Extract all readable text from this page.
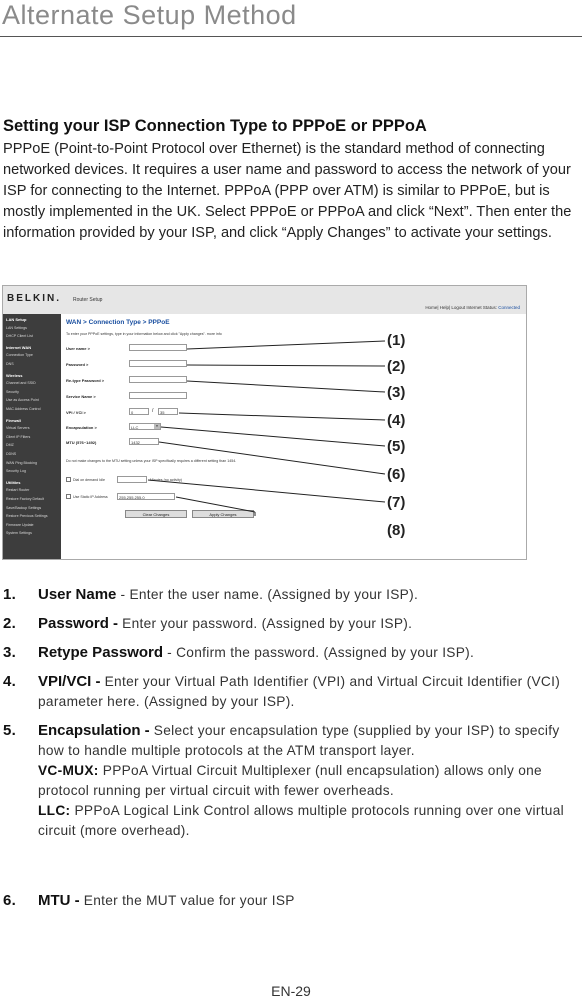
Alternate Setup Method
Setting your ISP Connection Type to PPPoE or PPPoA
PPPoE (Point-to-Point Protocol over Ethernet) is the standard method of connecting networked devices. It requires a user name and password to access the network of your ISP for connecting to the Internet. PPPoA (PPP over ATM) is similar to PPPoE, but is mostly implemented in the UK. Select PPPoE or PPPoA and click “Next”. Then enter the information provided by your ISP, and click “Apply Changes” to activate your settings.
BELKIN. Router Setup
Home| Help| Logout Internet Status: Connected
LAN Setup
LAN Settings
DHCP Client List
Internet WAN
Connection Type
DNS
Wireless
Channel and SSID
Security
Use as Access Point
MAC Address Control
Firewall
Virtual Servers
Client IP Filters
DMZ
DDNS
WAN Ping Blocking
Security Log
Utilities
Restart Router
Restore Factory Default
Save/Backup Settings
Restore Previous Settings
Firmware Update
System Settings
WAN > Connection Type > PPPoE
To enter your PPPoE settings, type in your information below and click "Apply changes". more info
User name >
Password >
Re-type Password >
Service Name >
VPI / VCI >	0	/	35
Encapsulation >	LLC	▼
MTU (576~1492)	1432
Do not make changes to the MTU setting unless your ISP specifically requires a different setting than 1454.
Dial on demand Idle	Minutes (no activity)
Use Static IP Address	255.255.255.0
Clear Changes	Apply Changes
(1)
(2)
(3)
(4)
(5)
(6)
(7)
(8)
1. User Name - Enter the user name. (Assigned by your ISP).
2. Password - Enter your password. (Assigned by your ISP).
3. Retype Password - Confirm the password. (Assigned by your ISP).
4. VPI/VCI - Enter your Virtual Path Identifier (VPI) and Virtual Circuit Identifier (VCI) parameter here. (Assigned by your ISP).
5. Encapsulation - Select your encapsulation type (supplied by your ISP) to specify how to handle multiple protocols at the ATM transport layer.
VC-MUX: PPPoA Virtual Circuit Multiplexer (null encapsulation) allows only one protocol running per virtual circuit with fewer overheads.
LLC: PPPoA Logical Link Control allows multiple protocols running over one virtual circuit (more overhead).
6. MTU - Enter the MUT value for your ISP
EN-29
